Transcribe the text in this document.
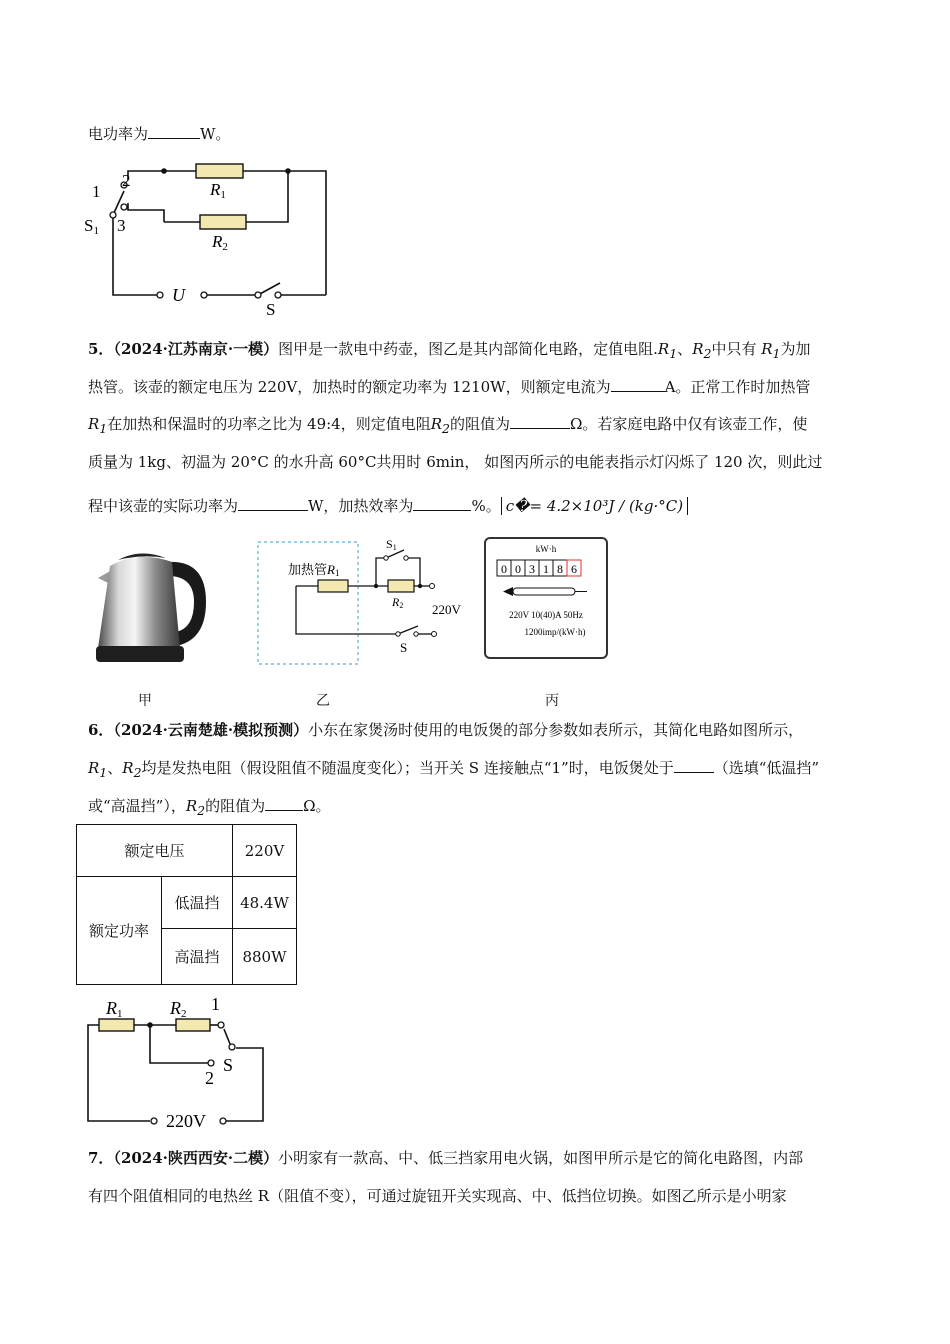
电功率为	W。
1
2
3
S1
R1
R2
U
S
5．（2024·江苏南京·一模）图甲是一款电中药壶，图乙是其内部简化电路，定值电阻$.R_1$、$R_2$中只有 $R_1$为加
热管。该壶的额定电压为 220V，加热时的额定功率为 1210W，则额定电流为	A。正常工作时加热管
$R_1$在加热和保温时的功率之比为 49:4，则定值电阻$R_2$的阻值为	Ω。若家庭电路中仅有该壶工作，使
质量为 1kg、初温为 20°C 的水升高 60°C共用时 6min， 如图丙所示的电能表指示灯闪烁了 120 次，则此过
程中该壶的实际功率为	W，加热效率为	%。 c�= 4.2×10³J / (kg·°C)
加热管R1
R2
S1
220V
S
kW·h
0 0 3 1 8 6
220V 10(40)A 50Hz
1200imp/(kW·h)
甲	乙	丙
6．（2024·云南楚雄·模拟预测）小东在家煲汤时使用的电饭煲的部分参数如表所示，其简化电路如图所示，
$R_1$、$R_2$均是发热电阻（假设阻值不随温度变化）；当开关 S 连接触点“1”时，电饭煲处于	（选填“低温挡”
或“高温挡”），$R_2$的阻值为	Ω。
额定电压		220V
额定功率	低温挡	48.4W
	高温挡	880W
R1	R2 1
2
S
220V
7．（2024·陕西西安·二模）小明家有一款高、中、低三挡家用电火锅，如图甲所示是它的简化电路图，内部
有四个阻值相同的电热丝 R（阻值不变），可通过旋钮开关实现高、中、低挡位切换。如图乙所示是小明家
